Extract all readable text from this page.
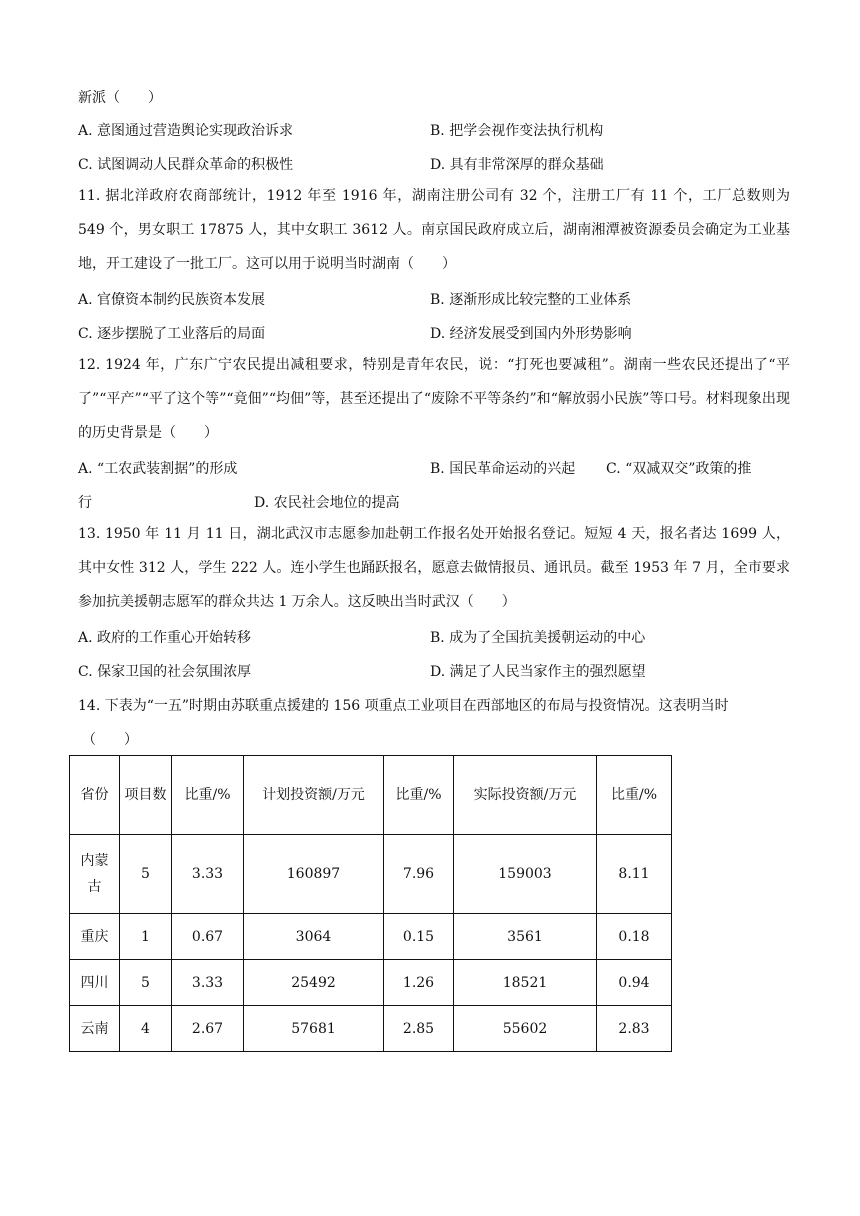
新派（　　）
A. 意图通过营造舆论实现政治诉求	B. 把学会视作变法执行机构
C. 试图调动人民群众革命的积极性	D. 具有非常深厚的群众基础
11. 据北洋政府农商部统计，1912 年至 1916 年，湖南注册公司有 32 个，注册工厂有 11 个，工厂总数则为 549 个，男女职工 17875 人，其中女职工 3612 人。南京国民政府成立后，湖南湘潭被资源委员会确定为工业基地，开工建设了一批工厂。这可以用于说明当时湖南（　　）
A. 官僚资本制约民族资本发展	B. 逐渐形成比较完整的工业体系
C. 逐步摆脱了工业落后的局面	D. 经济发展受到国内外形势影响
12. 1924 年，广东广宁农民提出减租要求，特别是青年农民，说：“打死也要减租”。湖南一些农民还提出了“平了”“平产”“平了这个等”“竟佃”“均佃”等，甚至还提出了“废除不平等条约”和“解放弱小民族”等口号。材料现象出现的历史背景是（　　）
A. “工农武装割据”的形成	B. 国民革命运动的兴起 C. “双减双交”政策的推
行	D. 农民社会地位的提高
13. 1950 年 11 月 11 日，湖北武汉市志愿参加赴朝工作报名处开始报名登记。短短 4 天，报名者达 1699 人，其中女性 312 人，学生 222 人。连小学生也踊跃报名，愿意去做情报员、通讯员。截至 1953 年 7 月，全市要求参加抗美援朝志愿军的群众共达 1 万余人。这反映出当时武汉（　　）
A. 政府的工作重心开始转移	B. 成为了全国抗美援朝运动的中心
C. 保家卫国的社会氛围浓厚	D. 满足了人民当家作主的强烈愿望
14. 下表为“一五”时期由苏联重点援建的 156 项重点工业项目在西部地区的布局与投资情况。这表明当时
（　　）
省份	项目数	比重/%	计划投资额/万元	比重/%	实际投资额/万元	比重/%
内蒙古	5	3.33	160897	7.96	159003	8.11
重庆	1	0.67	3064	0.15	3561	0.18
四川	5	3.33	25492	1.26	18521	0.94
云南	4	2.67	57681	2.85	55602	2.83
